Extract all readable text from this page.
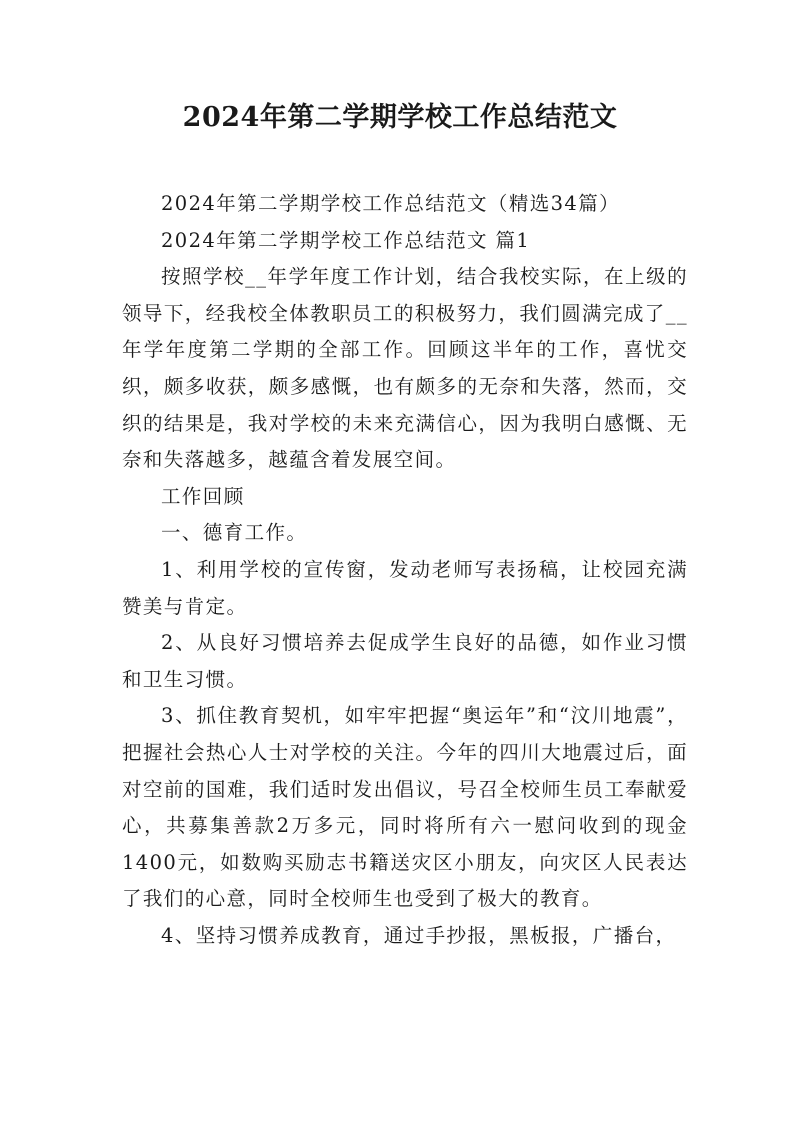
2024年第二学期学校工作总结范文

2024年第二学期学校工作总结范文（精选34篇）

2024年第二学期学校工作总结范文 篇1

按照学校__年学年度工作计划，结合我校实际，在上级的领导下，经我校全体教职员工的积极努力，我们圆满完成了__年学年度第二学期的全部工作。回顾这半年的工作，喜忧交织，颇多收获，颇多感慨，也有颇多的无奈和失落，然而，交织的结果是，我对学校的未来充满信心，因为我明白感慨、无奈和失落越多，越蕴含着发展空间。

工作回顾

一、德育工作。

1、利用学校的宣传窗，发动老师写表扬稿，让校园充满赞美与肯定。

2、从良好习惯培养去促成学生良好的品德，如作业习惯和卫生习惯。

3、抓住教育契机，如牢牢把握“奥运年”和“汶川地震”，把握社会热心人士对学校的关注。今年的四川大地震过后，面对空前的国难，我们适时发出倡议，号召全校师生员工奉献爱心，共募集善款2万多元，同时将所有六一慰问收到的现金1400元，如数购买励志书籍送灾区小朋友，向灾区人民表达了我们的心意，同时全校师生也受到了极大的教育。

4、坚持习惯养成教育，通过手抄报，黑板报，广播台，
